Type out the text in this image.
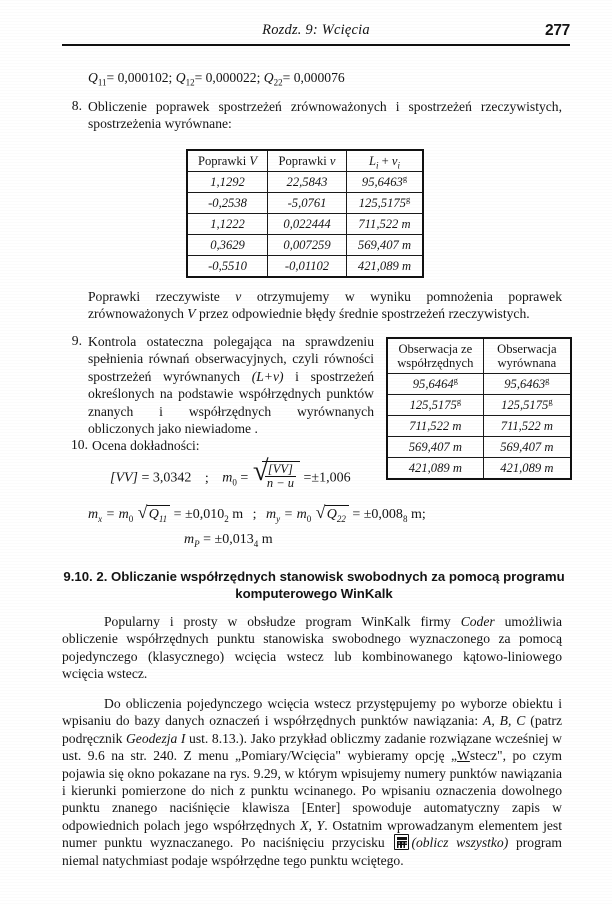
Rozdz. 9: Wcięcia	277
$Q_{11}= 0,000102$; $Q_{12}= 0,000022$; $Q_{22}= 0,000076$
8. Obliczenie poprawek spostrzeżeń zrównoważonych i spostrzeżeń rzeczywistych, spostrzeżenia wyrównane:
Poprawki V	Poprawki v	$L_i + v_i$
1,1292	22,5843	95,6463$^g$
-0,2538	-5,0761	125,5175$^g$
1,1222	0,022444	711,522 m
0,3629	0,007259	569,407 m
-0,5510	-0,01102	421,089 m
Poprawki rzeczywiste v otrzymujemy w wyniku pomnożenia poprawek zrównoważonych V przez odpowiednie błędy średnie spostrzeżeń rzeczywistych.
9. Kontrola ostateczna polegająca na sprawdzeniu spełnienia równań obserwacyjnych, czyli równości spostrzeżeń wyrównanych (L+v) i spostrzeżeń określonych na podstawie współrzędnych punktów znanych i współrzędnych wyrównanych obliczonych jako niewiadome .
10. Ocena dokładności:
Obserwacja ze współrzędnych	Obserwacja wyrównana
95,6464$^g$	95,6463$^g$
125,5175$^g$	125,5175$^g$
711,522 m	711,522 m
569,407 m	569,407 m
421,089 m	421,089 m
[VV] = 3,0342 ; $m_0$ = √
$\frac{[VV]}{n - u} =\pm 1,006$
$m_x = m_0$ √ $Q_{11} = \pm 0,010_2$ m ; $m_y = m_0$ √ $Q_{22} = \pm 0,008_8$ m;
$m_P = \pm 0,013_4$ m
9.10. 2. Obliczanie współrzędnych stanowisk swobodnych za pomocą programu
komputerowego WinKalk
Popularny i prosty w obsłudze program WinKalk firmy Coder umożliwia obliczenie współrzędnych punktu stanowiska swobodnego wyznaczonego za pomocą pojedynczego (klasycznego) wcięcia wstecz lub kombinowanego kątowo-liniowego wcięcia wstecz.
Do obliczenia pojedynczego wcięcia wstecz przystępujemy po wyborze obiektu i wpisaniu do bazy danych oznaczeń i współrzędnych punktów nawiązania: A, B, C (patrz podręcznik Geodezja I ust. 8.13.). Jako przykład obliczmy zadanie rozwiązane wcześniej w ust. 9.6 na str. 240. Z menu „Pomiary/Wcięcia" wybieramy opcję „Wstecz", po czym pojawia się okno pokazane na rys. 9.29, w którym wpisujemy numery punktów nawiązania i kierunki pomierzone do nich z punktu wcinanego. Po wpisaniu oznaczenia dowolnego punktu znanego naciśnięcie klawisza [Enter] spowoduje automatyczny zapis w odpowiednich polach jego współrzędnych X, Y. Ostatnim wprowadzanym elementem jest numer punktu wyznaczanego. Po naciśnięciu przycisku (oblicz wszystko) program niemal natychmiast podaje współrzędne tego punktu wciętego.
